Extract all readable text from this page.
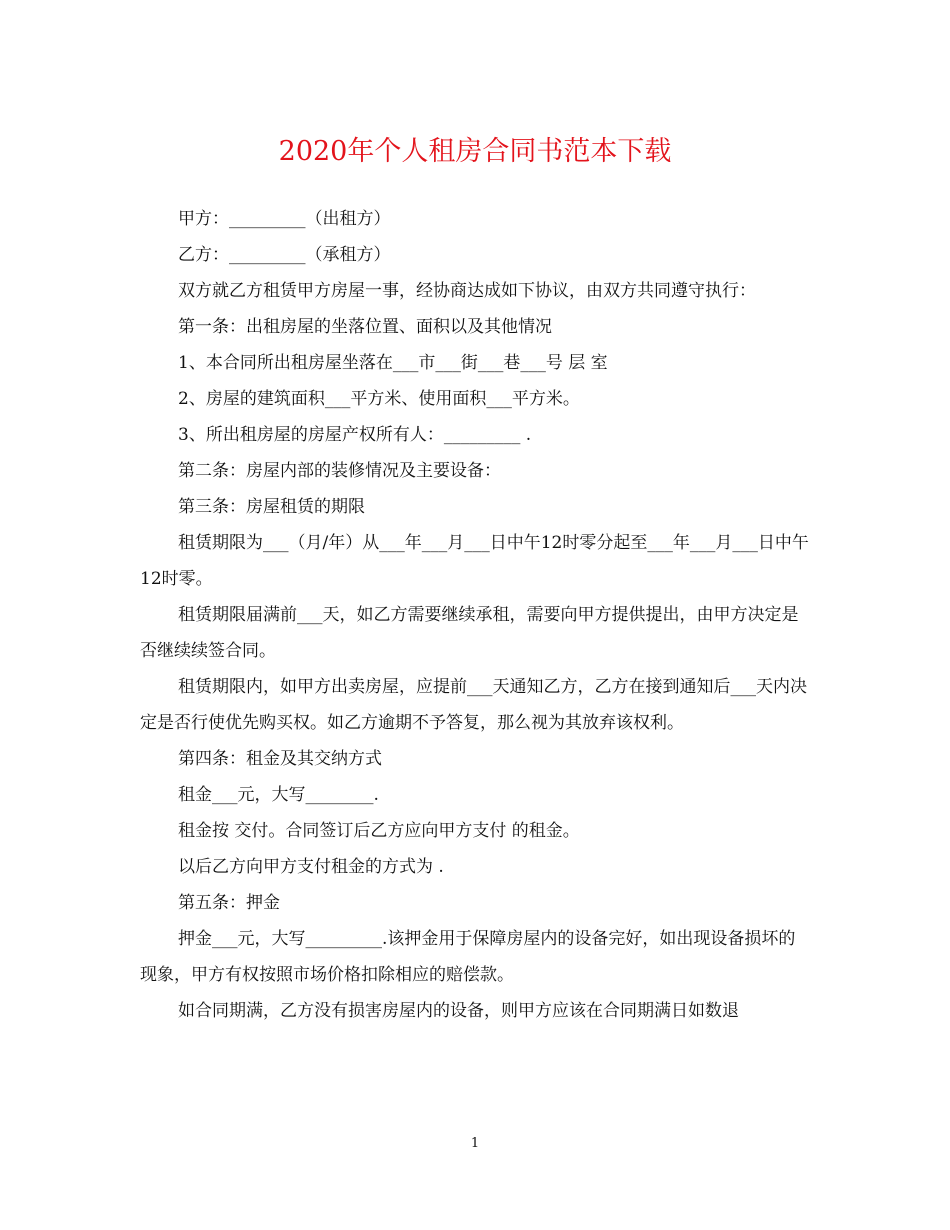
2020年个人租房合同书范本下载

甲方：_________（出租方）

乙方：_________（承租方）

双方就乙方租赁甲方房屋一事，经协商达成如下协议，由双方共同遵守执行：

第一条：出租房屋的坐落位置、面积以及其他情况

1、本合同所出租房屋坐落在___市___街___巷___号 层 室

2、房屋的建筑面积___平方米、使用面积___平方米。

3、所出租房屋的房屋产权所有人：_________ .

第二条：房屋内部的装修情况及主要设备：

第三条：房屋租赁的期限

租赁期限为___（月/年）从___年___月___日中午12时零分起至___年___月___日中午12时零。

租赁期限届满前___天，如乙方需要继续承租，需要向甲方提供提出，由甲方决定是否继续续签合同。

租赁期限内，如甲方出卖房屋，应提前___天通知乙方，乙方在接到通知后___天内决定是否行使优先购买权。如乙方逾期不予答复，那么视为其放弃该权利。

第四条：租金及其交纳方式

租金___元，大写________.

租金按 交付。合同签订后乙方应向甲方支付 的租金。

以后乙方向甲方支付租金的方式为 .

第五条：押金

押金___元，大写_________.该押金用于保障房屋内的设备完好，如出现设备损坏的现象，甲方有权按照市场价格扣除相应的赔偿款。

如合同期满，乙方没有损害房屋内的设备，则甲方应该在合同期满日如数退

1
